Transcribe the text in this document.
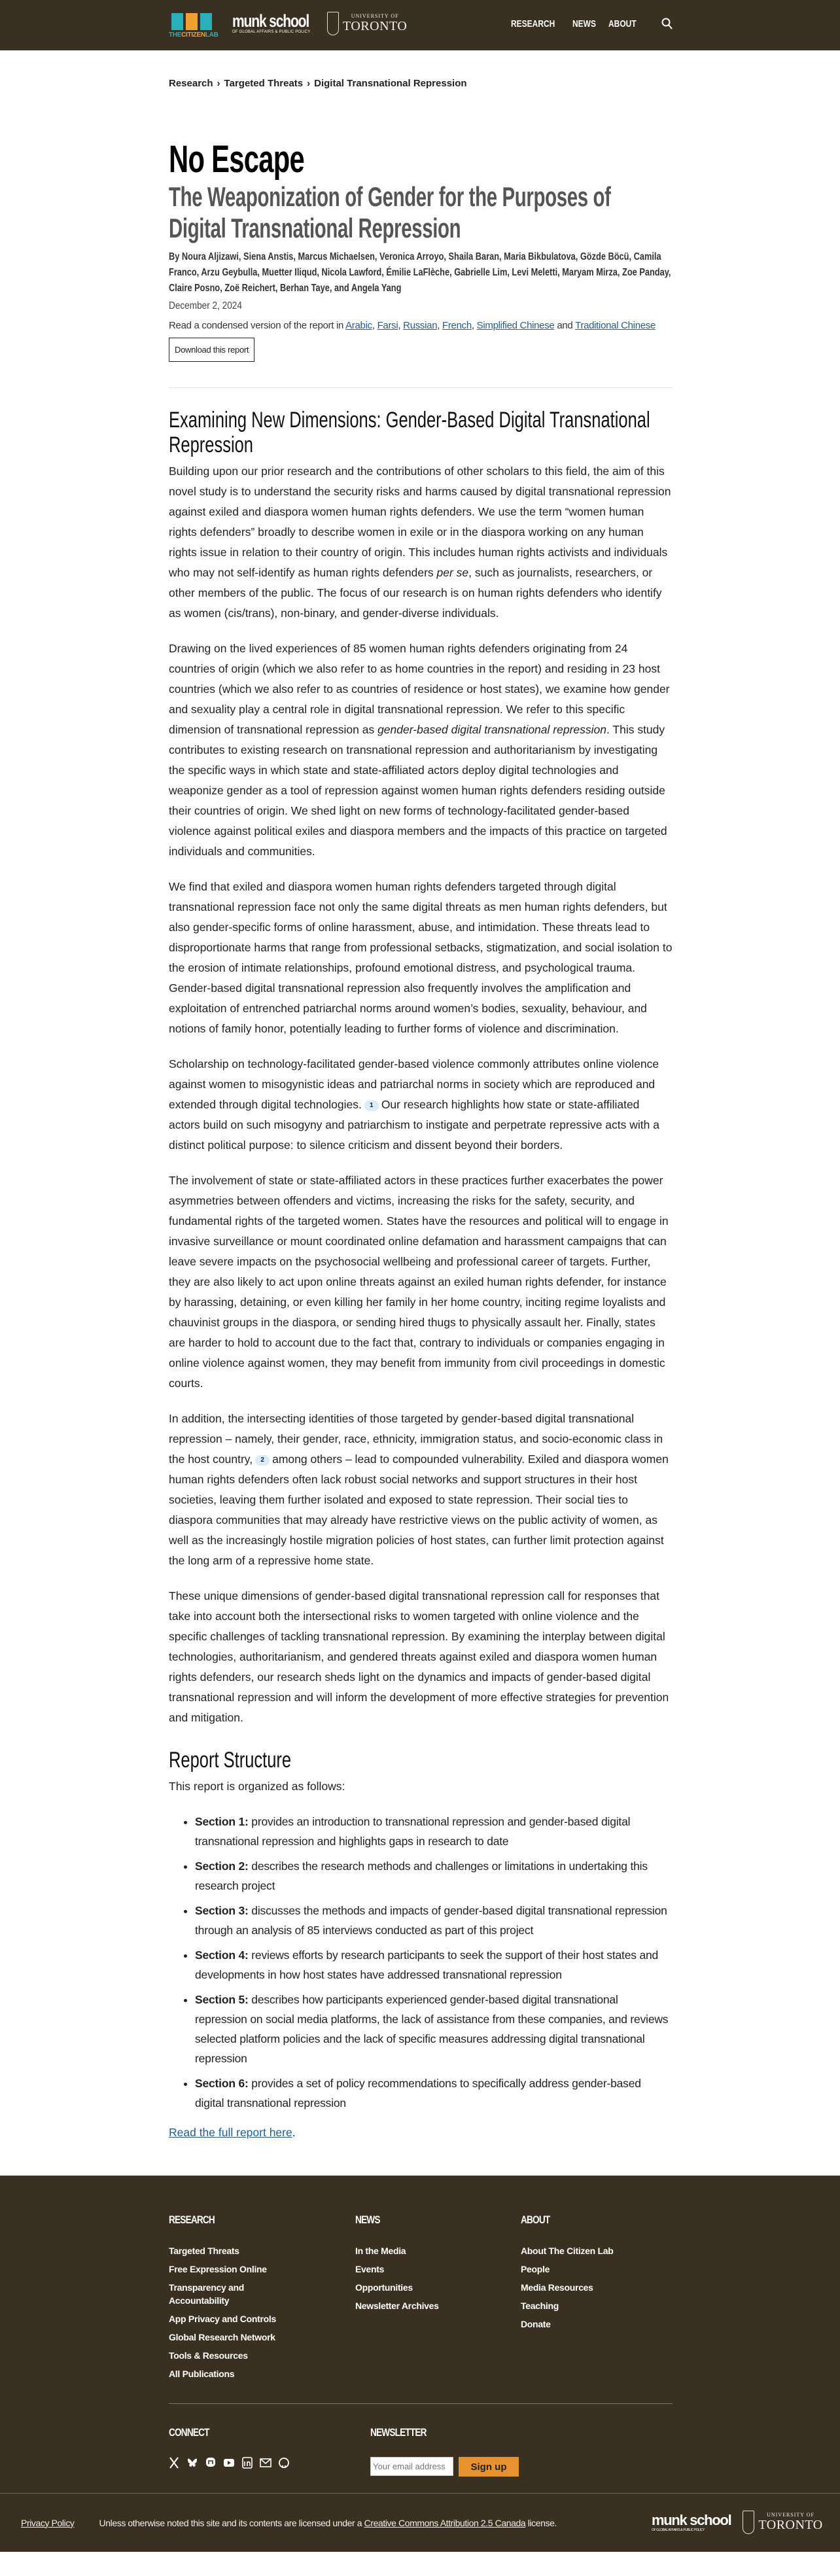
THECITIZENLAB
munk school
OF GLOBAL AFFAIRS & PUBLIC POLICY
UNIVERSITY OF
TORONTO	RESEARCH NEWS ABOUT
Research › Targeted Threats › Digital Transnational Repression
No Escape
The Weaponization of Gender for the Purposes of Digital Transnational Repression
By Noura Aljizawi, Siena Anstis, Marcus Michaelsen, Veronica Arroyo, Shaila Baran, Maria Bikbulatova, Gözde Böcü, Camila Franco, Arzu Geybulla, Muetter Iliqud, Nicola Lawford, Émilie LaFlèche, Gabrielle Lim, Levi Meletti, Maryam Mirza, Zoe Panday, Claire Posno, Zoë Reichert, Berhan Taye, and Angela Yang
December 2, 2024
Read a condensed version of the report in Arabic, Farsi, Russian, French, Simplified Chinese and Traditional Chinese
Download this report
Examining New Dimensions: Gender-Based Digital Transnational Repression

Building upon our prior research and the contributions of other scholars to this field, the aim of this novel study is to understand the security risks and harms caused by digital transnational repression against exiled and diaspora women human rights defenders. We use the term “women human rights defenders” broadly to describe women in exile or in the diaspora working on any human rights issue in relation to their country of origin. This includes human rights activists and individuals who may not self-identify as human rights defenders per se, such as journalists, researchers, or other members of the public. The focus of our research is on human rights defenders who identify as women (cis/trans), non-binary, and gender-diverse individuals.

Drawing on the lived experiences of 85 women human rights defenders originating from 24 countries of origin (which we also refer to as home countries in the report) and residing in 23 host countries (which we also refer to as countries of residence or host states), we examine how gender and sexuality play a central role in digital transnational repression. We refer to this specific dimension of transnational repression as gender-based digital transnational repression. This study contributes to existing research on transnational repression and authoritarianism by investigating the specific ways in which state and state-affiliated actors deploy digital technologies and weaponize gender as a tool of repression against women human rights defenders residing outside their countries of origin. We shed light on new forms of technology-facilitated gender-based violence against political exiles and diaspora members and the impacts of this practice on targeted individuals and communities.

We find that exiled and diaspora women human rights defenders targeted through digital transnational repression face not only the same digital threats as men human rights defenders, but also gender-specific forms of online harassment, abuse, and intimidation. These threats lead to disproportionate harms that range from professional setbacks, stigmatization, and social isolation to the erosion of intimate relationships, profound emotional distress, and psychological trauma. Gender-based digital transnational repression also frequently involves the amplification and exploitation of entrenched patriarchal norms around women’s bodies, sexuality, behaviour, and notions of family honor, potentially leading to further forms of violence and discrimination.

Scholarship on technology-facilitated gender-based violence commonly attributes online violence against women to misogynistic ideas and patriarchal norms in society which are reproduced and extended through digital technologies. 1 Our research highlights how state or state-affiliated actors build on such misogyny and patriarchism to instigate and perpetrate repressive acts with a distinct political purpose: to silence criticism and dissent beyond their borders.

The involvement of state or state-affiliated actors in these practices further exacerbates the power asymmetries between offenders and victims, increasing the risks for the safety, security, and fundamental rights of the targeted women. States have the resources and political will to engage in invasive surveillance or mount coordinated online defamation and harassment campaigns that can leave severe impacts on the psychosocial wellbeing and professional career of targets. Further, they are also likely to act upon online threats against an exiled human rights defender, for instance by harassing, detaining, or even killing her family in her home country, inciting regime loyalists and chauvinist groups in the diaspora, or sending hired thugs to physically assault her. Finally, states are harder to hold to account due to the fact that, contrary to individuals or companies engaging in online violence against women, they may benefit from immunity from civil proceedings in domestic courts.

In addition, the intersecting identities of those targeted by gender-based digital transnational repression – namely, their gender, race, ethnicity, immigration status, and socio-economic class in the host country, 2 among others – lead to compounded vulnerability. Exiled and diaspora women human rights defenders often lack robust social networks and support structures in their host societies, leaving them further isolated and exposed to state repression. Their social ties to diaspora communities that may already have restrictive views on the public activity of women, as well as the increasingly hostile migration policies of host states, can further limit protection against the long arm of a repressive home state.

These unique dimensions of gender-based digital transnational repression call for responses that take into account both the intersectional risks to women targeted with online violence and the specific challenges of tackling transnational repression. By examining the interplay between digital technologies, authoritarianism, and gendered threats against exiled and diaspora women human rights defenders, our research sheds light on the dynamics and impacts of gender-based digital transnational repression and will inform the development of more effective strategies for prevention and mitigation.

Report Structure

This report is organized as follows:

• Section 1: provides an introduction to transnational repression and gender-based digital transnational repression and highlights gaps in research to date
• Section 2: describes the research methods and challenges or limitations in undertaking this research project
• Section 3: discusses the methods and impacts of gender-based digital transnational repression through an analysis of 85 interviews conducted as part of this project
• Section 4: reviews efforts by research participants to seek the support of their host states and developments in how host states have addressed transnational repression
• Section 5: describes how participants experienced gender-based digital transnational repression on social media platforms, the lack of assistance from these companies, and reviews selected platform policies and the lack of specific measures addressing digital transnational repression
• Section 6: provides a set of policy recommendations to specifically address gender-based digital transnational repression

Read the full report here.

RESEARCH
Targeted Threats
Free Expression Online
Transparency and Accountability
App Privacy and Controls
Global Research Network
Tools & Resources
All Publications
NEWS
In the Media
Events
Opportunities
Newsletter Archives
ABOUT
About The Citizen Lab
People
Media Resources
Teaching
Donate
CONNECT	NEWSLETTER
Your email address
Sign up
Privacy Policy	Unless otherwise noted this site and its contents are licensed under a Creative Commons Attribution 2.5 Canada license.	munk school
OF GLOBAL AFFAIRS & PUBLIC POLICY
UNIVERSITY OF
TORONTO
